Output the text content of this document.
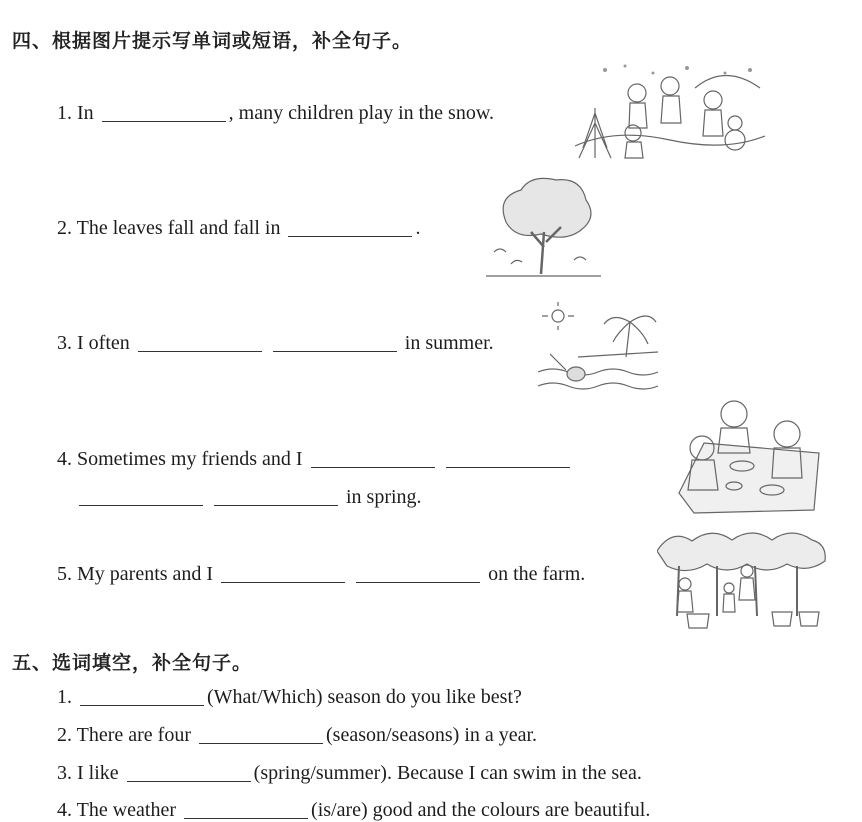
四、根据图片提示写单词或短语，补全句子。
1. In	, many children play in the snow.
2. The leaves fall and fall in	.
3. I often	in summer.
4. Sometimes my friends and I
in spring.
5. My parents and I	on the farm.
五、选词填空，补全句子。
1.	(What/Which) season do you like best?
2. There are four	(season/seasons) in a year.
3. I like	(spring/summer). Because I can swim in the sea.
4. The weather	(is/are) good and the colours are beautiful.
